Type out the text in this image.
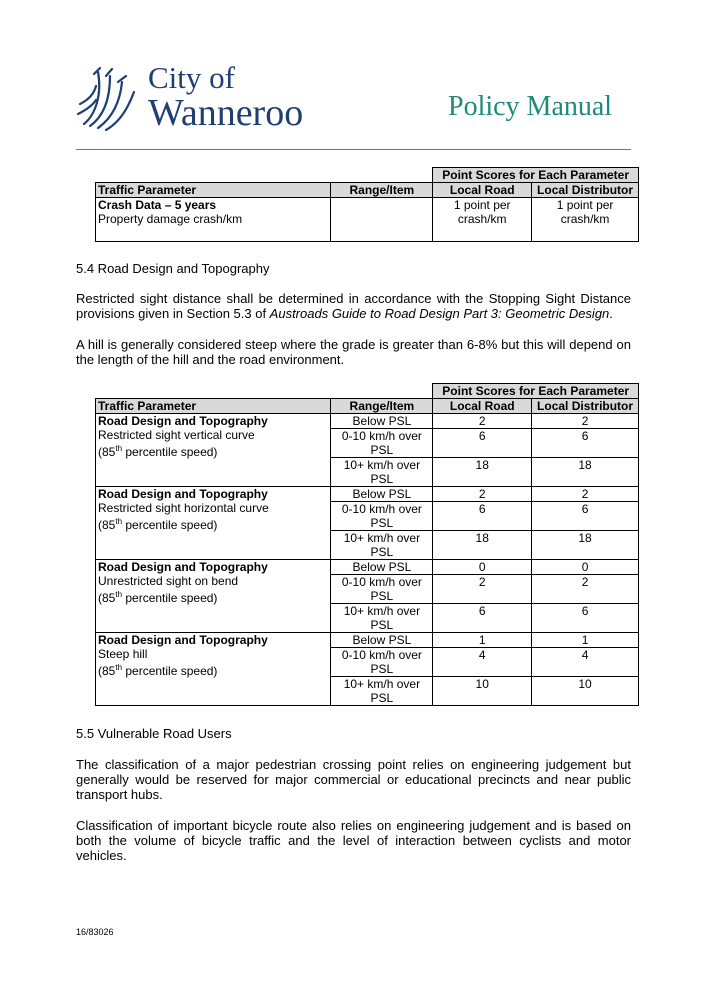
City of
Wanneroo	Policy Manual
		Point Scores for Each Parameter	
Traffic Parameter	Range/Item	Local Road	Local Distributor

Crash Data – 5 years
Property damage crash/km		1 point per crash/km	1 point per crash/km
5.4 Road Design and Topography
Restricted sight distance shall be determined in accordance with the Stopping Sight Distance provisions given in Section 5.3 of Austroads Guide to Road Design Part 3: Geometric Design.
A hill is generally considered steep where the grade is greater than 6-8% but this will depend on the length of the hill and the road environment.
		Point Scores for Each Parameter	
Traffic Parameter	Range/Item	Local Road	Local Distributor

Road Design and Topography
Restricted sight vertical curve
(85th percentile speed)	Below PSL	2	2
	0-10 km/h over PSL	6	6
	10+ km/h over PSL	18	18

Road Design and Topography
Restricted sight horizontal curve
(85th percentile speed)	Below PSL	2	2
	0-10 km/h over PSL	6	6
	10+ km/h over PSL	18	18

Road Design and Topography
Unrestricted sight on bend
(85th percentile speed)	Below PSL	0	0
	0-10 km/h over PSL	2	2
	10+ km/h over PSL	6	6

Road Design and Topography
Steep hill
(85th percentile speed)	Below PSL	1	1
	0-10 km/h over PSL	4	4
	10+ km/h over PSL	10	10
5.5 Vulnerable Road Users
The classification of a major pedestrian crossing point relies on engineering judgement but generally would be reserved for major commercial or educational precincts and near public transport hubs.
Classification of important bicycle route also relies on engineering judgement and is based on both the volume of bicycle traffic and the level of interaction between cyclists and motor vehicles.
16/83026
